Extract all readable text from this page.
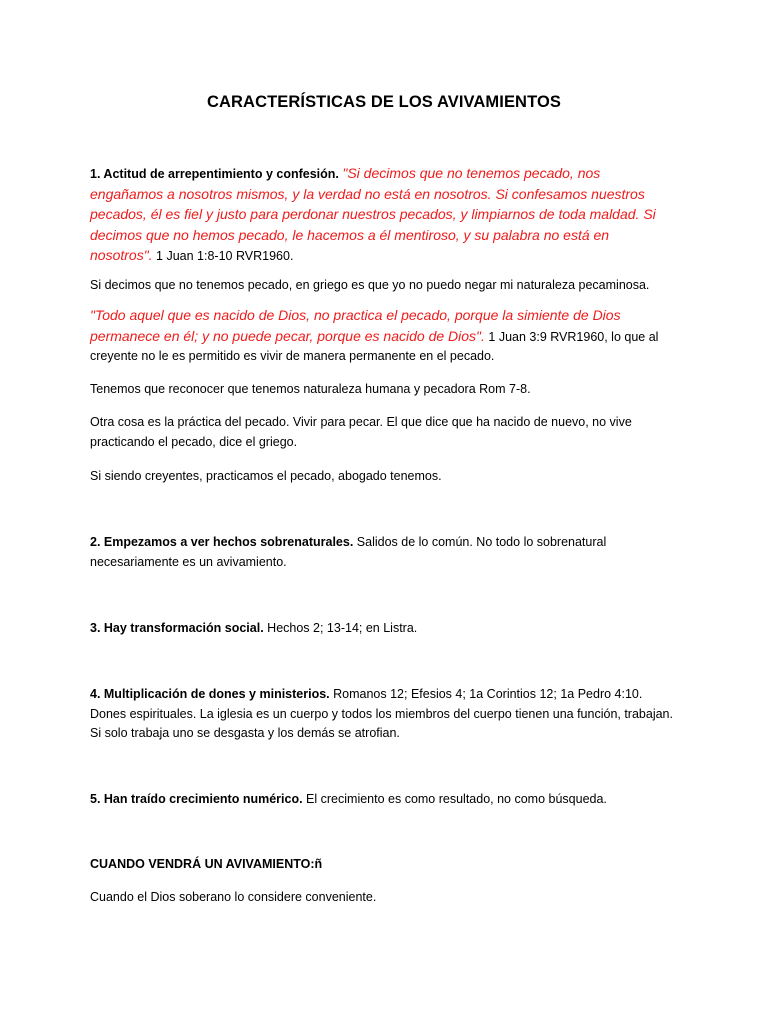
CARACTERÍSTICAS DE LOS AVIVAMIENTOS

1. Actitud de arrepentimiento y confesión. "Si decimos que no tenemos pecado, nos engañamos a nosotros mismos, y la verdad no está en nosotros. Si confesamos nuestros pecados, él es fiel y justo para perdonar nuestros pecados, y limpiarnos de toda maldad. Si decimos que no hemos pecado, le hacemos a él mentiroso, y su palabra no está en nosotros". 1 Juan 1:8-10 RVR1960.

Si decimos que no tenemos pecado, en griego es que yo no puedo negar mi naturaleza pecaminosa.

"Todo aquel que es nacido de Dios, no practica el pecado, porque la simiente de Dios permanece en él; y no puede pecar, porque es nacido de Dios". 1 Juan 3:9 RVR1960, lo que al creyente no le es permitido es vivir de manera permanente en el pecado.

Tenemos que reconocer que tenemos naturaleza humana y pecadora Rom 7-8.

Otra cosa es la práctica del pecado. Vivir para pecar. El que dice que ha nacido de nuevo, no vive practicando el pecado, dice el griego.

Si siendo creyentes, practicamos el pecado, abogado tenemos.

2. Empezamos a ver hechos sobrenaturales. Salidos de lo común. No todo lo sobrenatural necesariamente es un avivamiento.

3. Hay transformación social. Hechos 2; 13-14; en Listra.

4. Multiplicación de dones y ministerios. Romanos 12; Efesios 4; 1a Corintios 12; 1a Pedro 4:10. Dones espirituales. La iglesia es un cuerpo y todos los miembros del cuerpo tienen una función, trabajan. Si solo trabaja uno se desgasta y los demás se atrofian.

5. Han traído crecimiento numérico. El crecimiento es como resultado, no como búsqueda.

CUANDO VENDRÁ UN AVIVAMIENTO:ñ

Cuando el Dios soberano lo considere conveniente.
